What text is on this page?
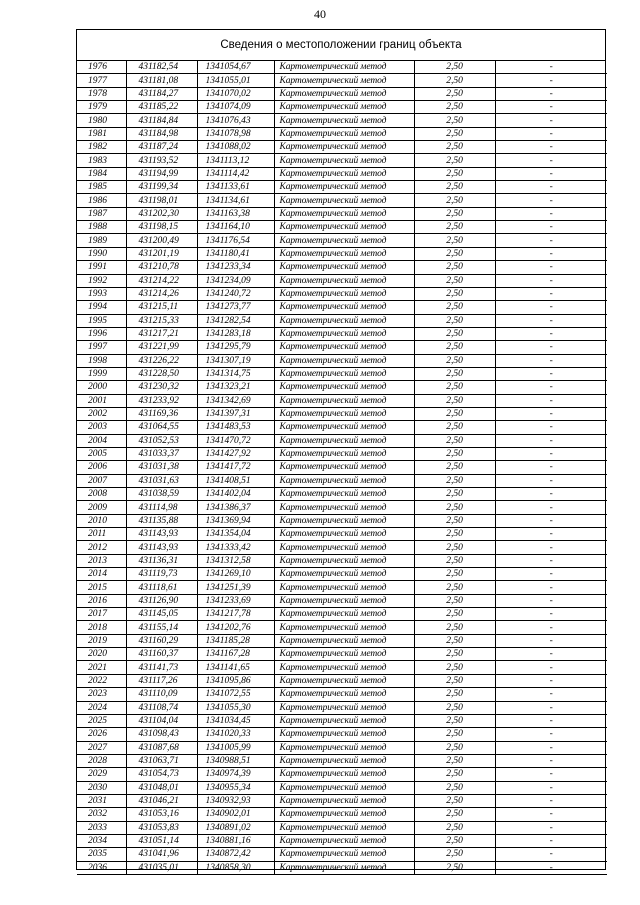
40
Сведения о местоположении границ объекта
1976	431182,54	1341054,67	Картометрический метод	2,50	-
1977	431181,08	1341055,01	Картометрический метод	2,50	-
1978	431184,27	1341070,02	Картометрический метод	2,50	-
1979	431185,22	1341074,09	Картометрический метод	2,50	-
1980	431184,84	1341076,43	Картометрический метод	2,50	-
1981	431184,98	1341078,98	Картометрический метод	2,50	-
1982	431187,24	1341088,02	Картометрический метод	2,50	-
1983	431193,52	1341113,12	Картометрический метод	2,50	-
1984	431194,99	1341114,42	Картометрический метод	2,50	-
1985	431199,34	1341133,61	Картометрический метод	2,50	-
1986	431198,01	1341134,61	Картометрический метод	2,50	-
1987	431202,30	1341163,38	Картометрический метод	2,50	-
1988	431198,15	1341164,10	Картометрический метод	2,50	-
1989	431200,49	1341176,54	Картометрический метод	2,50	-
1990	431201,19	1341180,41	Картометрический метод	2,50	-
1991	431210,78	1341233,34	Картометрический метод	2,50	-
1992	431214,22	1341234,09	Картометрический метод	2,50	-
1993	431214,26	1341240,72	Картометрический метод	2,50	-
1994	431215,11	1341273,77	Картометрический метод	2,50	-
1995	431215,33	1341282,54	Картометрический метод	2,50	-
1996	431217,21	1341283,18	Картометрический метод	2,50	-
1997	431221,99	1341295,79	Картометрический метод	2,50	-
1998	431226,22	1341307,19	Картометрический метод	2,50	-
1999	431228,50	1341314,75	Картометрический метод	2,50	-
2000	431230,32	1341323,21	Картометрический метод	2,50	-
2001	431233,92	1341342,69	Картометрический метод	2,50	-
2002	431169,36	1341397,31	Картометрический метод	2,50	-
2003	431064,55	1341483,53	Картометрический метод	2,50	-
2004	431052,53	1341470,72	Картометрический метод	2,50	-
2005	431033,37	1341427,92	Картометрический метод	2,50	-
2006	431031,38	1341417,72	Картометрический метод	2,50	-
2007	431031,63	1341408,51	Картометрический метод	2,50	-
2008	431038,59	1341402,04	Картометрический метод	2,50	-
2009	431114,98	1341386,37	Картометрический метод	2,50	-
2010	431135,88	1341369,94	Картометрический метод	2,50	-
2011	431143,93	1341354,04	Картометрический метод	2,50	-
2012	431143,93	1341333,42	Картометрический метод	2,50	-
2013	431136,31	1341312,58	Картометрический метод	2,50	-
2014	431119,73	1341269,10	Картометрический метод	2,50	-
2015	431118,61	1341251,39	Картометрический метод	2,50	-
2016	431126,90	1341233,69	Картометрический метод	2,50	-
2017	431145,05	1341217,78	Картометрический метод	2,50	-
2018	431155,14	1341202,76	Картометрический метод	2,50	-
2019	431160,29	1341185,28	Картометрический метод	2,50	-
2020	431160,37	1341167,28	Картометрический метод	2,50	-
2021	431141,73	1341141,65	Картометрический метод	2,50	-
2022	431117,26	1341095,86	Картометрический метод	2,50	-
2023	431110,09	1341072,55	Картометрический метод	2,50	-
2024	431108,74	1341055,30	Картометрический метод	2,50	-
2025	431104,04	1341034,45	Картометрический метод	2,50	-
2026	431098,43	1341020,33	Картометрический метод	2,50	-
2027	431087,68	1341005,99	Картометрический метод	2,50	-
2028	431063,71	1340988,51	Картометрический метод	2,50	-
2029	431054,73	1340974,39	Картометрический метод	2,50	-
2030	431048,01	1340955,34	Картометрический метод	2,50	-
2031	431046,21	1340932,93	Картометрический метод	2,50	-
2032	431053,16	1340902,01	Картометрический метод	2,50	-
2033	431053,83	1340891,02	Картометрический метод	2,50	-
2034	431051,14	1340881,16	Картометрический метод	2,50	-
2035	431041,96	1340872,42	Картометрический метод	2,50	-
2036	431035,01	1340858,30	Картометрический метод	2,50	-
